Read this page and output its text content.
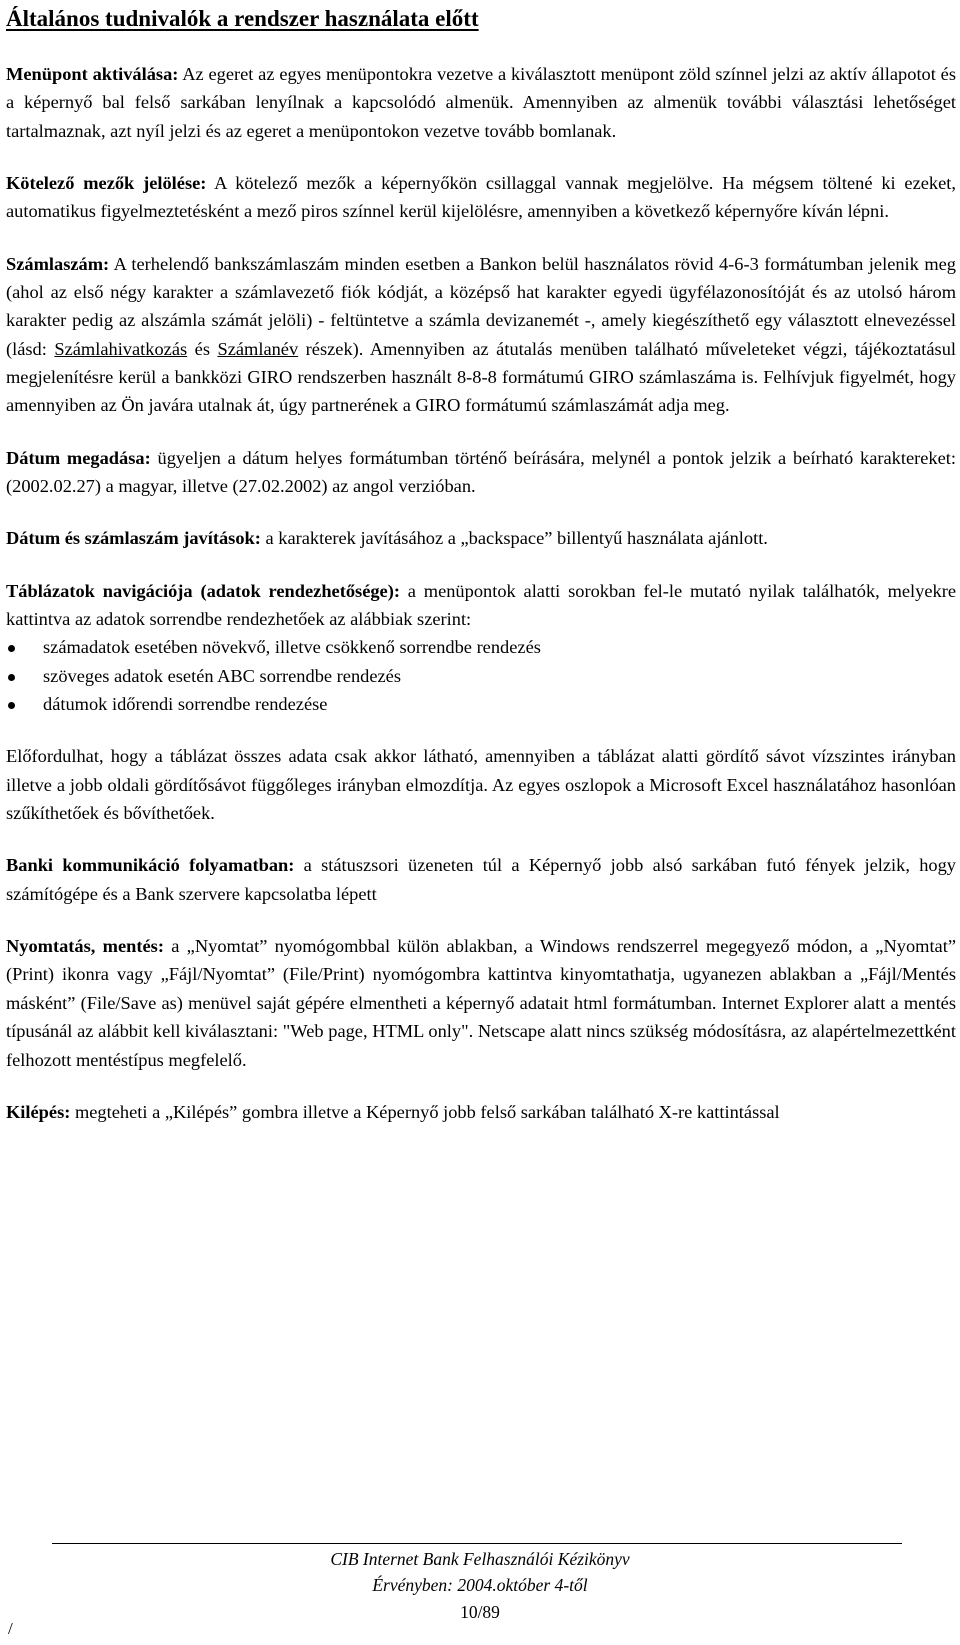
Általános tudnivalók a rendszer használata előtt

Menüpont aktiválása: Az egeret az egyes menüpontokra vezetve a kiválasztott menüpont zöld színnel jelzi az aktív állapotot és a képernyő bal felső sarkában lenyílnak a kapcsolódó almenük. Amennyiben az almenük további választási lehetőséget tartalmaznak, azt nyíl jelzi és az egeret a menüpontokon vezetve tovább bomlanak.

Kötelező mezők jelölése: A kötelező mezők a képernyőkön csillaggal vannak megjelölve. Ha mégsem töltené ki ezeket, automatikus figyelmeztetésként a mező piros színnel kerül kijelölésre, amennyiben a következő képernyőre kíván lépni.

Számlaszám: A terhelendő bankszámlaszám minden esetben a Bankon belül használatos rövid 4-6-3 formátumban jelenik meg (ahol az első négy karakter a számlavezető fiók kódját, a középső hat karakter egyedi ügyfélazonosítóját és az utolsó három karakter pedig az alszámla számát jelöli) - feltüntetve a számla devizanemét -, amely kiegészíthető egy választott elnevezéssel (lásd: Számlahivatkozás és Számlanév részek). Amennyiben az átutalás menüben található műveleteket végzi, tájékoztatásul megjelenítésre kerül a bankközi GIRO rendszerben használt 8-8-8 formátumú GIRO számlaszáma is. Felhívjuk figyelmét, hogy amennyiben az Ön javára utalnak át, úgy partnerének a GIRO formátumú számlaszámát adja meg.

Dátum megadása: ügyeljen a dátum helyes formátumban történő beírására, melynél a pontok jelzik a beírható karaktereket: (2002.02.27) a magyar, illetve (27.02.2002) az angol verzióban.

Dátum és számlaszám javítások: a karakterek javításához a „backspace” billentyű használata ajánlott.

Táblázatok navigációja (adatok rendezhetősége): a menüpontok alatti sorokban fel-le mutató nyilak találhatók, melyekre kattintva az adatok sorrendbe rendezhetőek az alábbiak szerint:

számadatok esetében növekvő, illetve csökkenő sorrendbe rendezés
szöveges adatok esetén ABC sorrendbe rendezés
dátumok időrendi sorrendbe rendezése

Előfordulhat, hogy a táblázat összes adata csak akkor látható, amennyiben a táblázat alatti gördítő sávot vízszintes irányban illetve a jobb oldali gördítősávot függőleges irányban elmozdítja. Az egyes oszlopok a Microsoft Excel használatához hasonlóan szűkíthetőek és bővíthetőek.

Banki kommunikáció folyamatban: a státuszsori üzeneten túl a Képernyő jobb alsó sarkában futó fények jelzik, hogy számítógépe és a Bank szervere kapcsolatba lépett

Nyomtatás, mentés: a „Nyomtat” nyomógombbal külön ablakban, a Windows rendszerrel megegyező módon, a „Nyomtat” (Print) ikonra vagy „Fájl/Nyomtat” (File/Print) nyomógombra kattintva kinyomtathatja, ugyanezen ablakban a „Fájl/Mentés másként” (File/Save as) menüvel saját gépére elmentheti a képernyő adatait html formátumban. Internet Explorer alatt a mentés típusánál az alábbit kell kiválasztani: "Web page, HTML only". Netscape alatt nincs szükség módosításra, az alapértelmezettként felhozott mentéstípus megfelelő.

Kilépés: megteheti a „Kilépés” gombra illetve a Képernyő jobb felső sarkában található X-re kattintással

CIB Internet Bank Felhasználói Kézikönyv
Érvényben: 2004.október 4-től
10/89
/
